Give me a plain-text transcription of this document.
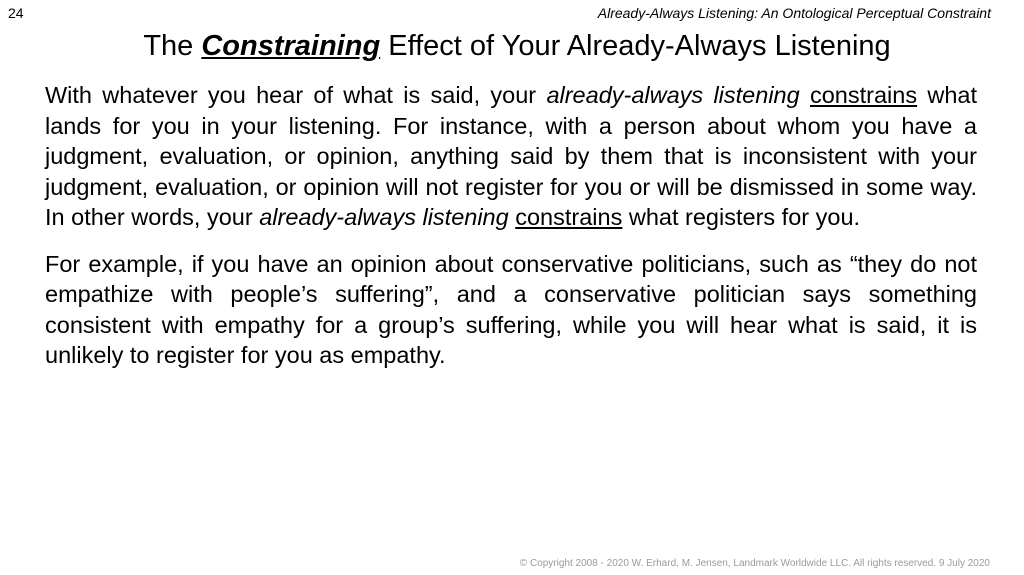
24	Already-Always Listening: An Ontological Perceptual Constraint
The Constraining Effect of Your Already-Always Listening

With whatever you hear of what is said, your already-always listening constrains what lands for you in your listening. For instance, with a person about whom you have a judgment, evaluation, or opinion, anything said by them that is inconsistent with your judgment, evaluation, or opinion will not register for you or will be dismissed in some way. In other words, your already-always listening constrains what registers for you.

For example, if you have an opinion about conservative politicians, such as “they do not empathize with people’s suffering”, and a conservative politician says something consistent with empathy for a group’s suffering, while you will hear what is said, it is unlikely to register for you as empathy.

© Copyright 2008 - 2020 W. Erhard, M. Jensen, Landmark Worldwide LLC. All rights reserved. 9 July 2020
